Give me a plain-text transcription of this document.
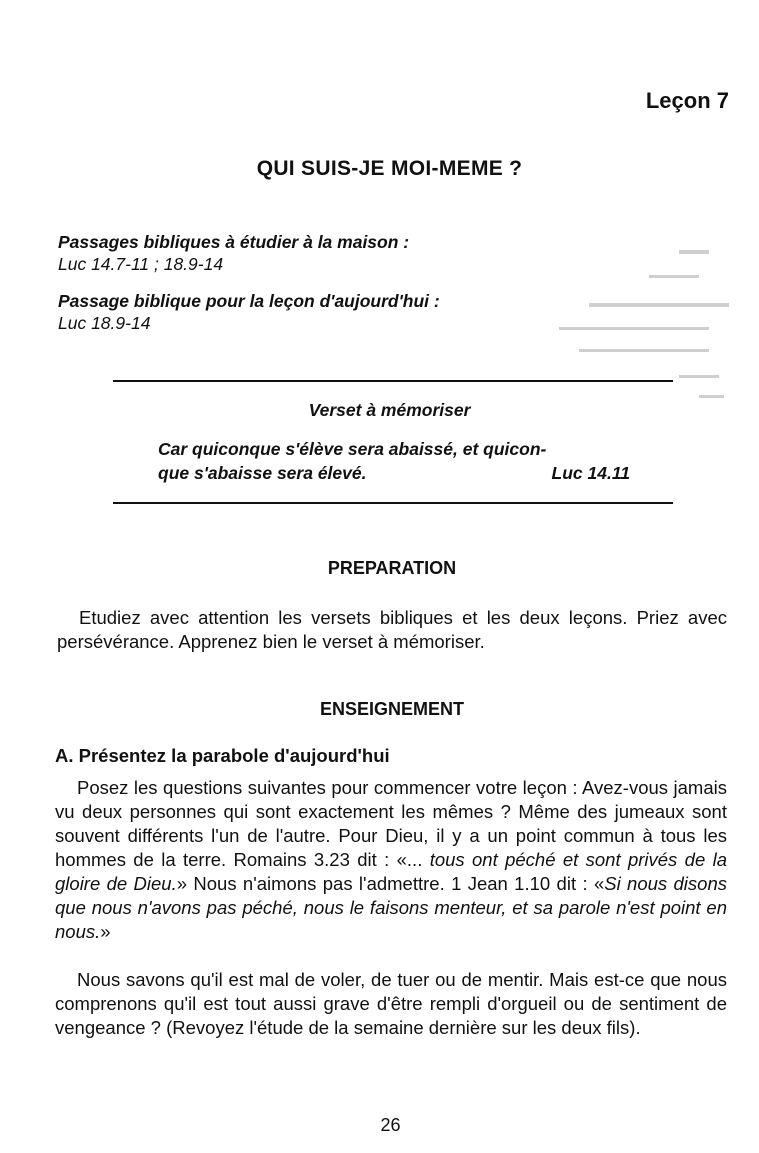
Leçon 7
QUI SUIS-JE MOI-MEME ?
Passages bibliques à étudier à la maison :
Luc 14.7-11 ; 18.9-14
Passage biblique pour la leçon d'aujourd'hui :
Luc 18.9-14
Verset à mémoriser
Car quiconque s'élève sera abaissé, et quicon-
que s'abaisse sera élevé.	Luc 14.11
PREPARATION
Etudiez avec attention les versets bibliques et les deux leçons. Priez avec persévérance. Apprenez bien le verset à mémoriser.
ENSEIGNEMENT
A. Présentez la parabole d'aujourd'hui
Posez les questions suivantes pour commencer votre leçon : Avez-vous jamais vu deux personnes qui sont exactement les mêmes ? Même des jumeaux sont souvent différents l'un de l'autre. Pour Dieu, il y a un point commun à tous les hommes de la terre. Romains 3.23 dit : «... tous ont péché et sont privés de la gloire de Dieu.» Nous n'aimons pas l'admettre. 1 Jean 1.10 dit : «Si nous disons que nous n'avons pas péché, nous le faisons menteur, et sa parole n'est point en nous.»
Nous savons qu'il est mal de voler, de tuer ou de mentir. Mais est-ce que nous comprenons qu'il est tout aussi grave d'être rempli d'orgueil ou de sentiment de vengeance ? (Revoyez l'étude de la semaine dernière sur les deux fils).
26
